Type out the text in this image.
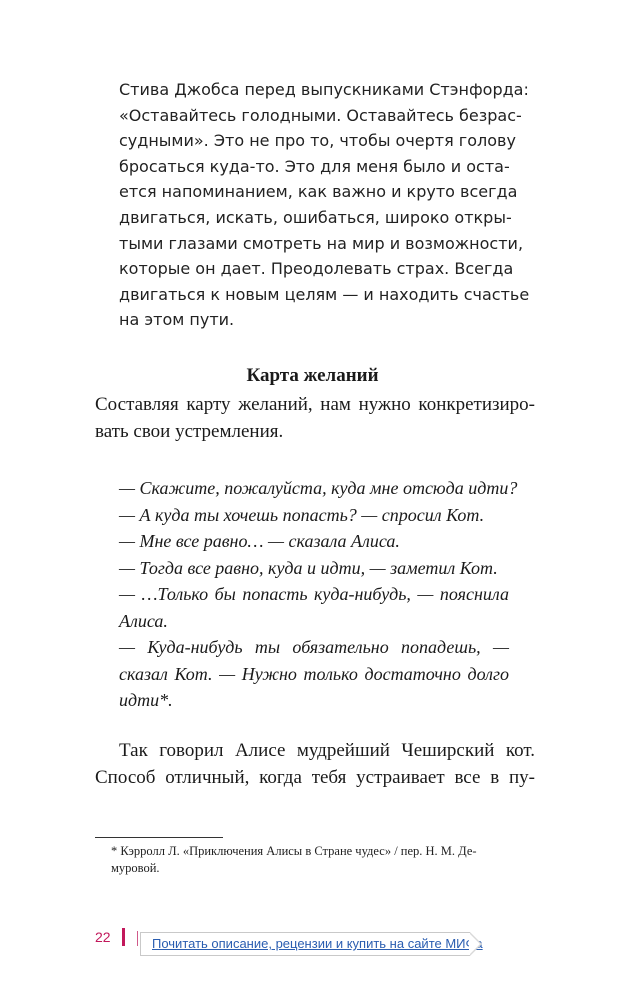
Стива Джобса перед выпускниками Стэнфорда:
«Оставайтесь голодными. Оставайтесь безрас-
судными». Это не про то, чтобы очертя голову
бросаться куда-то. Это для меня было и оста-
ется напоминанием, как важно и круто всегда
двигаться, искать, ошибаться, широко откры-
тыми глазами смотреть на мир и возможности,
которые он дает. Преодолевать страх. Всегда
двигаться к новым целям — и находить счастье
на этом пути.
Карта желаний
Составляя карту желаний, нам нужно конкретизиро-
вать свои устремления.
— Скажите, пожалуйста, куда мне отсюда идти?
— А куда ты хочешь попасть? — спросил Кот.
— Мне все равно… — сказала Алиса.
— Тогда все равно, куда и идти, — заметил Кот.
— …Только бы попасть куда-нибудь, — пояснила
Алиса.
— Куда-нибудь ты обязательно попадешь, —
сказал Кот. — Нужно только достаточно долго
идти*.
Так говорил Алисе мудрейший Чеширский кот.
Способ отличный, когда тебя устраивает все в пу-
* Кэрролл Л. «Приключения Алисы в Стране чудес» / пер. Н. М. Де-
муровой.
22	Почитать описание, рецензии и купить на сайте МИФа
